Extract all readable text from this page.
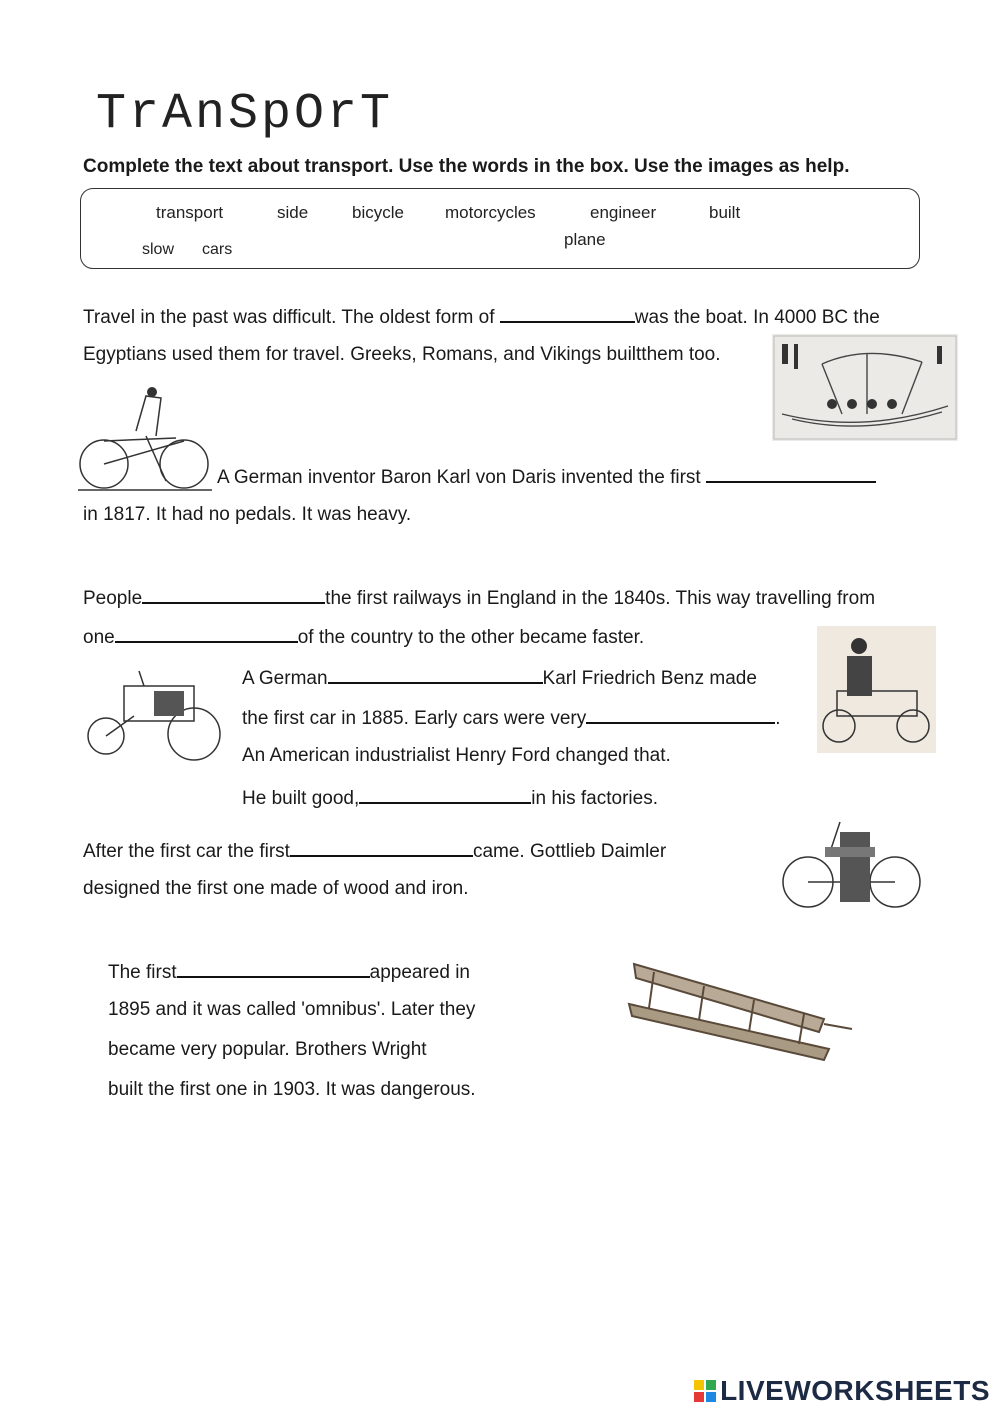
TrAnSpOrT
Complete the text about transport. Use the words in the box. Use the images as help.
transport	side	bicycle motorcycles	engineer	built
plane
slow cars
Travel in the past was difficult. The oldest form of	was the boat. In 4000 BC the
Egyptians used them for travel. Greeks, Romans, and Vikings builtthem too.
A German inventor Baron Karl von Daris invented the first
in 1817. It had no pedals. It was heavy.
People	the first railways in England in the 1840s. This way travelling from
one	of the country to the other became faster.
A German	Karl Friedrich Benz made
the first car in 1885. Early cars were very	.
An American industrialist Henry Ford changed that.
He built good,	in his factories.
After the first car the first	came. Gottlieb Daimler
designed the first one made of wood and iron.
The first	appeared in
1895 and it was called 'omnibus'. Later they
became very popular. Brothers Wright
built the first one in 1903. It was dangerous.
LIVEWORKSHEETS
